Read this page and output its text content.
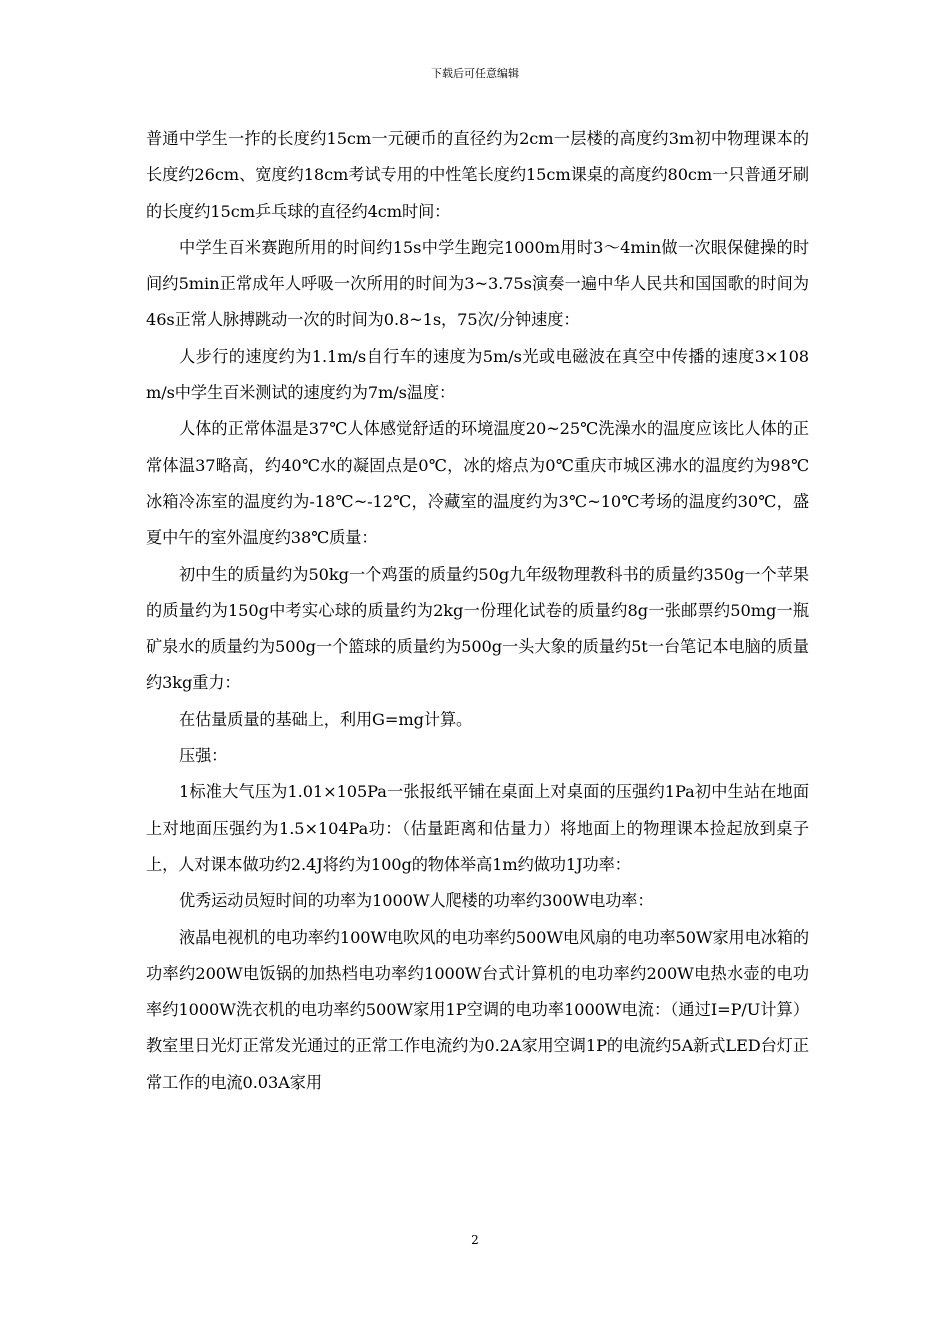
下载后可任意编辑

普通中学生一拃的长度约15cm一元硬币的直径约为2cm一层楼的高度约3m初中物理课本的长度约26cm、宽度约18cm考试专用的中性笔长度约15cm课桌的高度约80cm一只普通牙刷的长度约15cm乒乓球的直径约4cm时间：

中学生百米赛跑所用的时间约15s中学生跑完1000m用时3～4min做一次眼保健操的时间约5min正常成年人呼吸一次所用的时间为3~3.75s演奏一遍中华人民共和国国歌的时间为46s正常人脉搏跳动一次的时间为0.8~1s，75次/分钟速度：

人步行的速度约为1.1m/s自行车的速度为5m/s光或电磁波在真空中传播的速度3×108m/s中学生百米测试的速度约为7m/s温度：

人体的正常体温是37℃人体感觉舒适的环境温度20~25℃洗澡水的温度应该比人体的正常体温37略高，约40℃水的凝固点是0℃，冰的熔点为0℃重庆市城区沸水的温度约为98℃冰箱冷冻室的温度约为-18℃~-12℃，冷藏室的温度约为3℃~10℃考场的温度约30℃，盛夏中午的室外温度约38℃质量：

初中生的质量约为50kg一个鸡蛋的质量约50g九年级物理教科书的质量约350g一个苹果的质量约为150g中考实心球的质量约为2kg一份理化试卷的质量约8g一张邮票约50mg一瓶矿泉水的质量约为500g一个篮球的质量约为500g一头大象的质量约5t一台笔记本电脑的质量约3kg重力：

在估量质量的基础上，利用G=mg计算。

压强：

1标准大气压为1.01×105Pa一张报纸平铺在桌面上对桌面的压强约1Pa初中生站在地面上对地面压强约为1.5×104Pa功：（估量距离和估量力）将地面上的物理课本捡起放到桌子上，人对课本做功约2.4J将约为100g的物体举高1m约做功1J功率：

优秀运动员短时间的功率为1000W人爬楼的功率约300W电功率：

液晶电视机的电功率约100W电吹风的电功率约500W电风扇的电功率50W家用电冰箱的功率约200W电饭锅的加热档电功率约1000W台式计算机的电功率约200W电热水壶的电功率约1000W洗衣机的电功率约500W家用1P空调的电功率1000W电流：（通过I=P/U计算）教室里日光灯正常发光通过的正常工作电流约为0.2A家用空调1P的电流约5A新式LED台灯正常工作的电流0.03A家用

2
